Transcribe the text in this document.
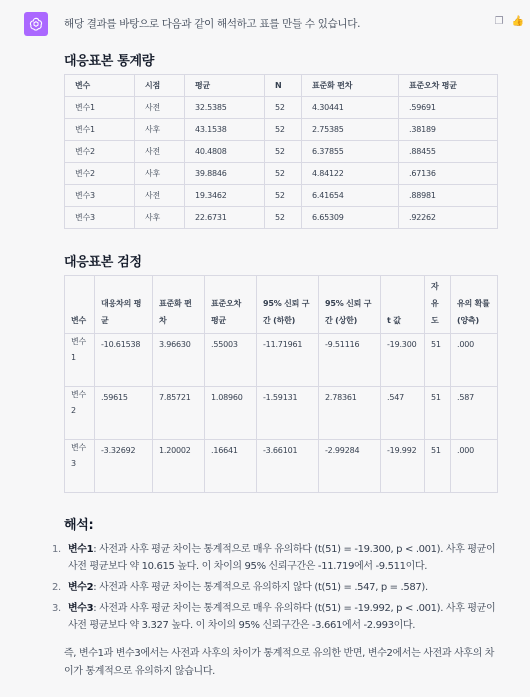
해당 결과를 바탕으로 다음과 같이 해석하고 표를 만들 수 있습니다.	❐ 👍
대응표본 통계량
변수	시점	평균	N	표준화 편차	표준오차 평균
변수1	사전	32.5385	52	4.30441	.59691
변수1	사후	43.1538	52	2.75385	.38189
변수2	사전	40.4808	52	6.37855	.88455
변수2	사후	39.8846	52	4.84122	.67136
변수3	사전	19.3462	52	6.41654	.88981
변수3	사후	22.6731	52	6.65309	.92262
대응표본 검정
변수	대응차의 평균	표준화 편차	표준오차 평균	95% 신뢰 구간 (하한)	95% 신뢰 구간 (상한)	t 값	자유도	유의 확률 (양측)
변수1	-10.61538	3.96630	.55003	-11.71961	-9.51116	-19.300	51	.000
변수2	.59615	7.85721	1.08960	-1.59131	2.78361	.547	51	.587
변수3	-3.32692	1.20002	.16641	-3.66101	-2.99284	-19.992	51	.000
해석:
1. 변수1: 사전과 사후 평균 차이는 통계적으로 매우 유의하다 (t(51) = -19.300, p < .001). 사후 평균이 사전 평균보다 약 10.615 높다. 이 차이의 95% 신뢰구간은 -11.719에서 -9.511이다.
2. 변수2: 사전과 사후 평균 차이는 통계적으로 유의하지 않다 (t(51) = .547, p = .587).
3. 변수3: 사전과 사후 평균 차이는 통계적으로 매우 유의하다 (t(51) = -19.992, p < .001). 사후 평균이 사전 평균보다 약 3.327 높다. 이 차이의 95% 신뢰구간은 -3.661에서 -2.993이다.

즉, 변수1과 변수3에서는 사전과 사후의 차이가 통계적으로 유의한 반면, 변수2에서는 사전과 사후의 차이가 통계적으로 유의하지 않습니다.
